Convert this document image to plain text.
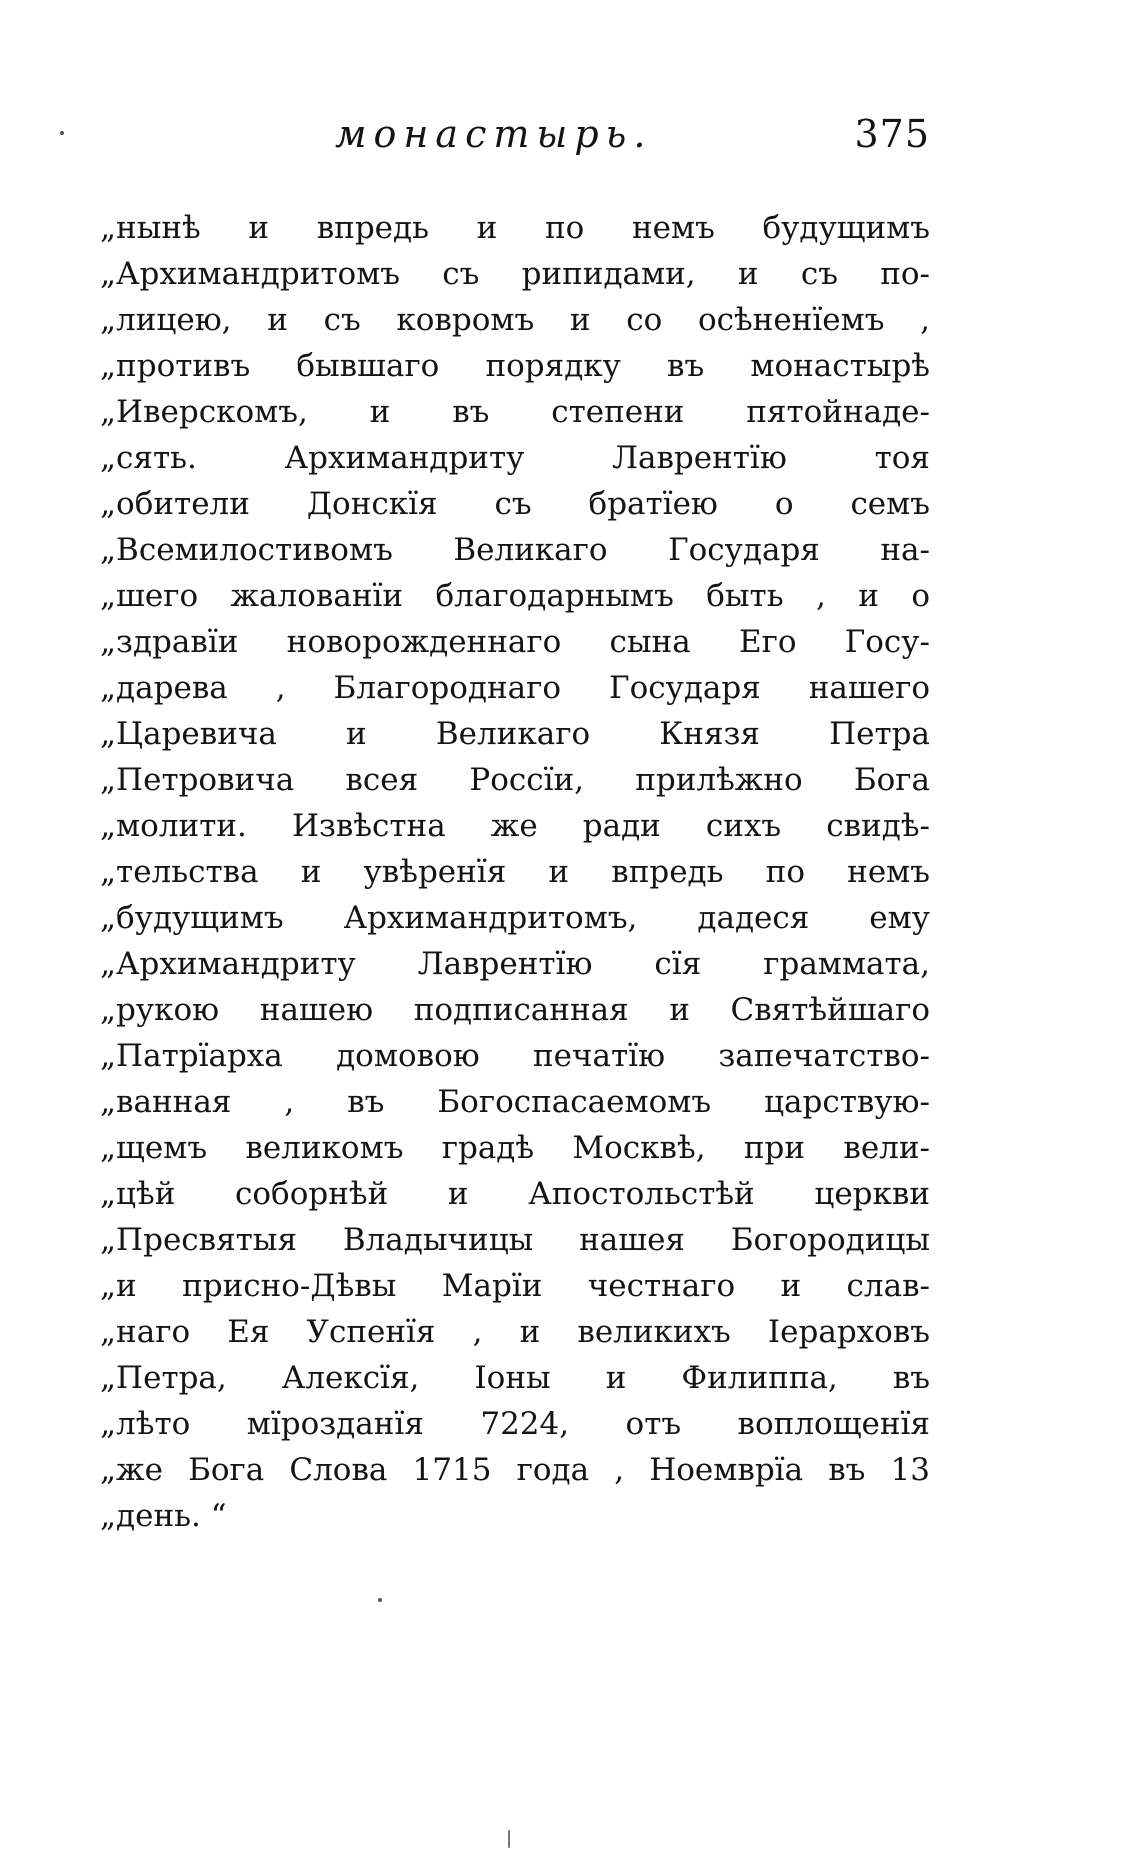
монастырь.	375
„нынѣ и впредь и по немъ будущимъ
„Архимандритомъ съ рипидами, и съ по-
„лицею, и съ ковромъ и со осѣненïемъ ,
„противъ бывшаго порядку въ монастырѣ
„Иверскомъ, и въ степени пятойнаде-
„сять. Архимандриту Лаврентïю тоя
„обители Донскïя съ братïею о семъ
„Всемилостивомъ Великаго Государя на-
„шего жалованïи благодарнымъ быть , и о
„здравïи новорожденнаго сына Его Госу-
„дарева , Благороднаго Государя нашего
„Царевича и Великаго Князя Петра
„Петровича всея Россïи, прилѣжно Бога
„молити. Извѣстна же ради сихъ свидѣ-
„тельства и увѣренïя и впредь по немъ
„будущимъ Архимандритомъ, дадеся ему
„Архимандриту Лаврентïю сïя граммата,
„рукою нашею подписанная и Святѣйшаго
„Патрïарха домовою печатïю запечатство-
„ванная , въ Богоспасаемомъ царствую-
„щемъ великомъ градѣ Москвѣ, при вели-
„цѣй соборнѣй и Апостольстѣй церкви
„Пресвятыя Владычицы нашея Богородицы
„и присно-Дѣвы Марïи честнаго и слав-
„наго Ея Успенïя , и великихъ Iерарховъ
„Петра, Алексïя, Iоны и Филиппа, въ
„лѣто мïрозданïя 7224, отъ воплощенïя
„же Бога Слова 1715 года , Ноемврïа въ 13
„день. “
